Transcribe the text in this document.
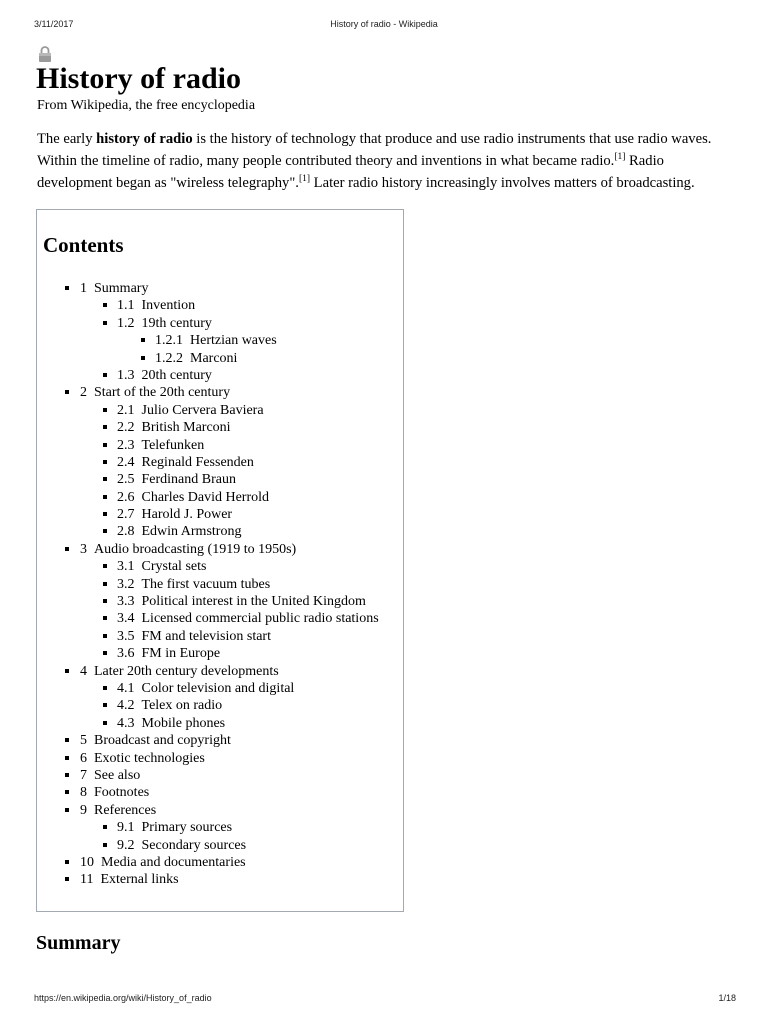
3/11/2017	History of radio - Wikipedia
History of radio
From Wikipedia, the free encyclopedia

The early history of radio is the history of technology that produce and use radio instruments that use radio waves. Within the timeline of radio, many people contributed theory and inventions in what became radio.[1] Radio development began as "wireless telegraphy".[1] Later radio history increasingly involves matters of broadcasting.

Contents
1 Summary
1.1 Invention
1.2 19th century
1.2.1 Hertzian waves
1.2.2 Marconi
1.3 20th century
2 Start of the 20th century
2.1 Julio Cervera Baviera
2.2 British Marconi
2.3 Telefunken
2.4 Reginald Fessenden
2.5 Ferdinand Braun
2.6 Charles David Herrold
2.7 Harold J. Power
2.8 Edwin Armstrong
3 Audio broadcasting (1919 to 1950s)
3.1 Crystal sets
3.2 The first vacuum tubes
3.3 Political interest in the United Kingdom
3.4 Licensed commercial public radio stations
3.5 FM and television start
3.6 FM in Europe
4 Later 20th century developments
4.1 Color television and digital
4.2 Telex on radio
4.3 Mobile phones
5 Broadcast and copyright
6 Exotic technologies
7 See also
8 Footnotes
9 References
9.1 Primary sources
9.2 Secondary sources
10 Media and documentaries
11 External links
Summary
https://en.wikipedia.org/wiki/History_of_radio	1/18
